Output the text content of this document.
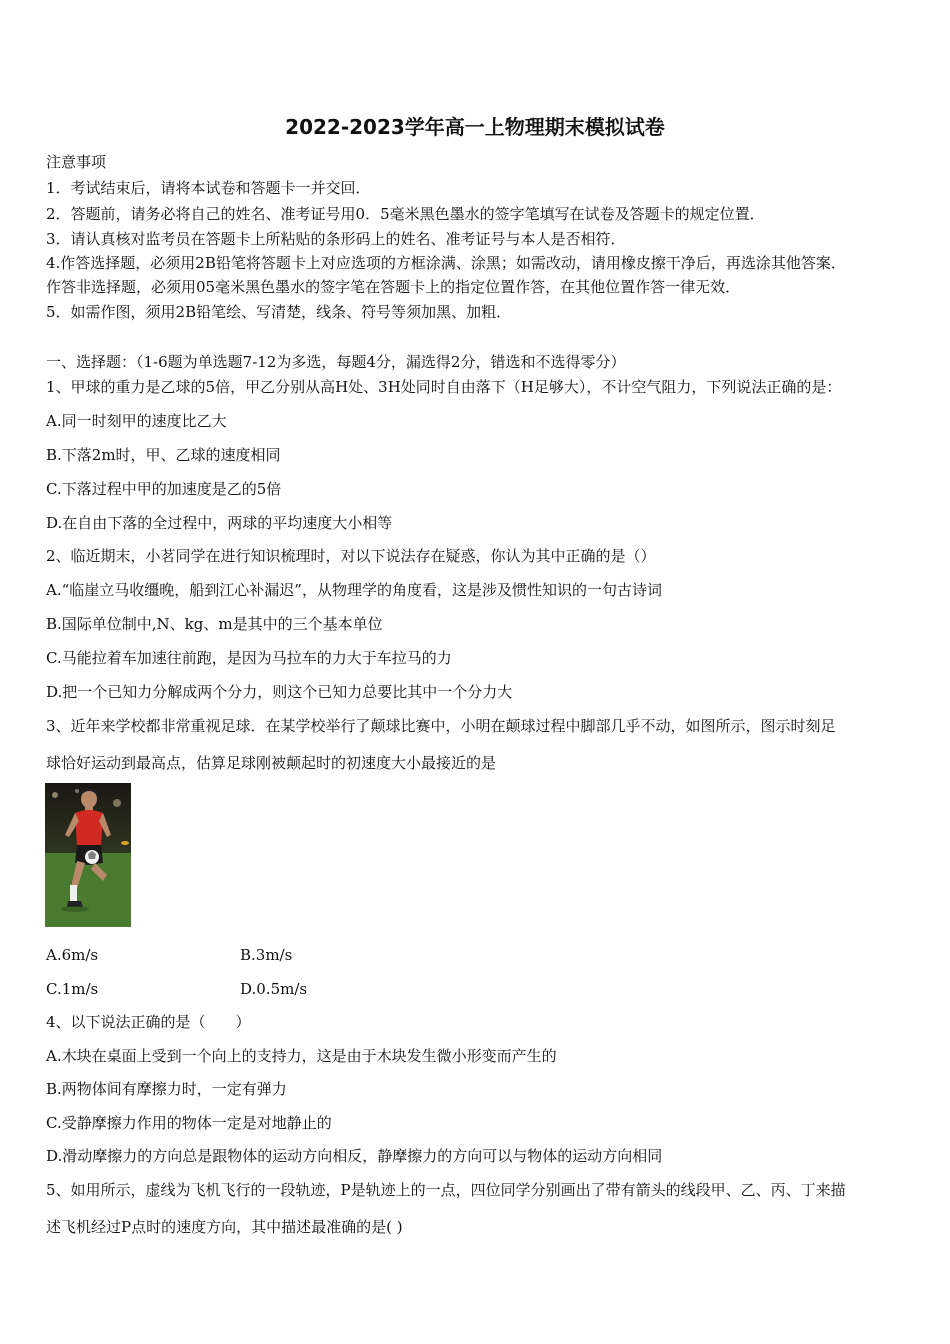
2022-2023学年高一上物理期末模拟试卷
注意事项
1．考试结束后，请将本试卷和答题卡一并交回．
2．答题前，请务必将自己的姓名、准考证号用0．5毫米黑色墨水的签字笔填写在试卷及答题卡的规定位置．
3．请认真核对监考员在答题卡上所粘贴的条形码上的姓名、准考证号与本人是否相符．
4.作答选择题，必须用2B铅笔将答题卡上对应选项的方框涂满、涂黑；如需改动，请用橡皮擦干净后，再选涂其他答案．
作答非选择题，必须用05毫米黑色墨水的签字笔在答题卡上的指定位置作答，在其他位置作答一律无效．
5．如需作图，须用2B铅笔绘、写清楚，线条、符号等须加黑、加粗．
一、选择题：（1-6题为单选题7-12为多选，每题4分，漏选得2分，错选和不选得零分）
1、甲球的重力是乙球的5倍，甲乙分别从高H处、3H处同时自由落下（H足够大），不计空气阻力，下列说法正确的是：
A.同一时刻甲的速度比乙大
B.下落2m时，甲、乙球的速度相同
C.下落过程中甲的加速度是乙的5倍
D.在自由下落的全过程中，两球的平均速度大小相等
2、临近期末，小茗同学在进行知识梳理时，对以下说法存在疑惑，你认为其中正确的是（）
A.“临崖立马收缰晚，船到江心补漏迟”，从物理学的角度看，这是涉及惯性知识的一句古诗词
B.国际单位制中,N、kg、m是其中的三个基本单位
C.马能拉着车加速往前跑，是因为马拉车的力大于车拉马的力
D.把一个已知力分解成两个分力，则这个已知力总要比其中一个分力大
3、近年来学校都非常重视足球．在某学校举行了颠球比赛中，小明在颠球过程中脚部几乎不动，如图所示，图示时刻足
球恰好运动到最高点，估算足球刚被颠起时的初速度大小最接近的是
A.6m/s	B.3m/s
C.1m/s	D.0.5m/s
4、以下说法正确的是（　　）
A.木块在桌面上受到一个向上的支持力，这是由于木块发生微小形变而产生的
B.两物体间有摩擦力时，一定有弹力
C.受静摩擦力作用的物体一定是对地静止的
D.滑动摩擦力的方向总是跟物体的运动方向相反，静摩擦力的方向可以与物体的运动方向相同
5、如用所示，虚线为飞机飞行的一段轨迹，P是轨迹上的一点，四位同学分别画出了带有箭头的线段甲、乙、丙、丁来描
述飞机经过P点时的速度方向，其中描述最准确的是( )
